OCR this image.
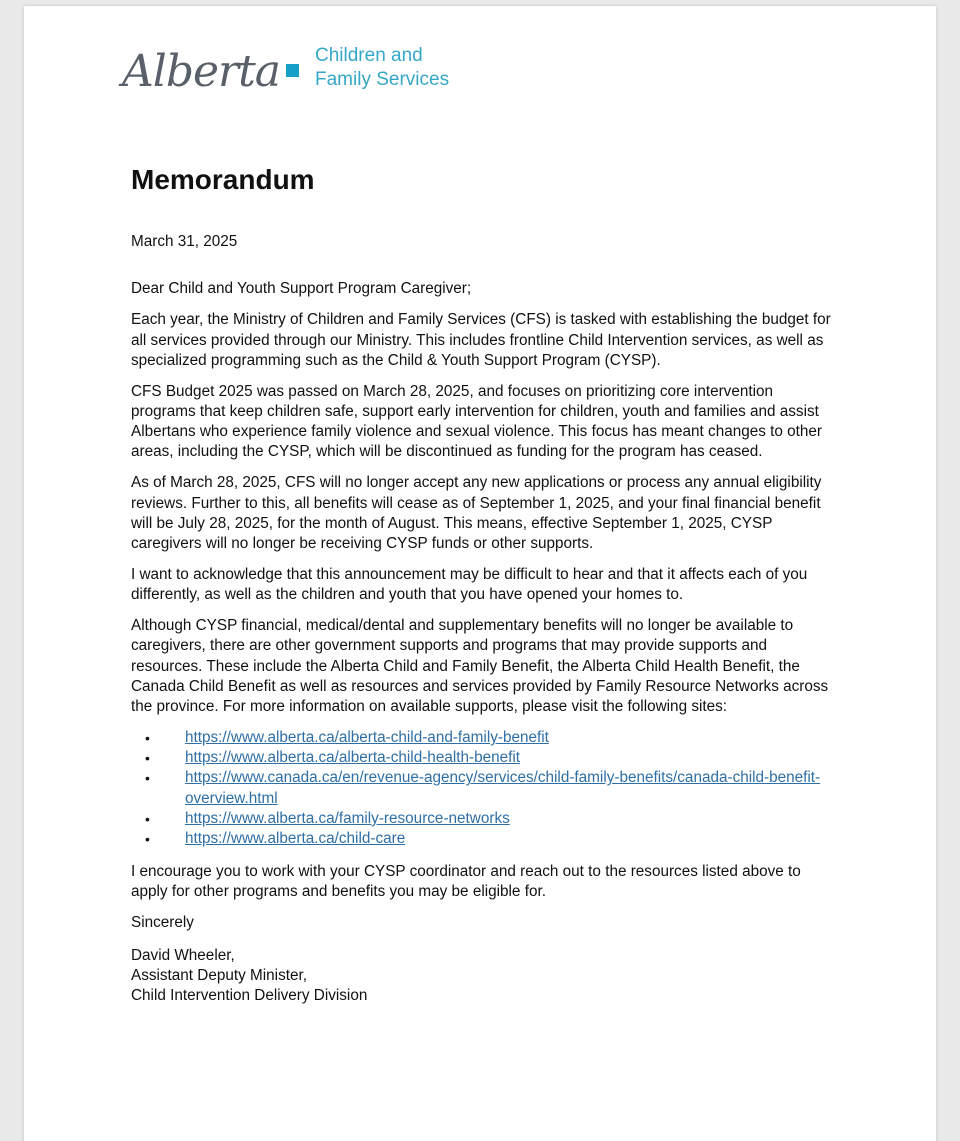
Alberta Children and
Family Services
Memorandum

March 31, 2025

Dear Child and Youth Support Program Caregiver;

Each year, the Ministry of Children and Family Services (CFS) is tasked with establishing the budget for all services provided through our Ministry. This includes frontline Child Intervention services, as well as specialized programming such as the Child & Youth Support Program (CYSP).

CFS Budget 2025 was passed on March 28, 2025, and focuses on prioritizing core intervention programs that keep children safe, support early intervention for children, youth and families and assist Albertans who experience family violence and sexual violence. This focus has meant changes to other areas, including the CYSP, which will be discontinued as funding for the program has ceased.

As of March 28, 2025, CFS will no longer accept any new applications or process any annual eligibility reviews. Further to this, all benefits will cease as of September 1, 2025, and your final financial benefit will be July 28, 2025, for the month of August. This means, effective September 1, 2025, CYSP caregivers will no longer be receiving CYSP funds or other supports.

I want to acknowledge that this announcement may be difficult to hear and that it affects each of you differently, as well as the children and youth that you have opened your homes to.

Although CYSP financial, medical/dental and supplementary benefits will no longer be available to caregivers, there are other government supports and programs that may provide supports and resources. These include the Alberta Child and Family Benefit, the Alberta Child Health Benefit, the Canada Child Benefit as well as resources and services provided by Family Resource Networks across the province. For more information on available supports, please visit the following sites:

• https://www.alberta.ca/alberta-child-and-family-benefit
• https://www.alberta.ca/alberta-child-health-benefit
• https://www.canada.ca/en/revenue-agency/services/child-family-benefits/canada-child-benefit-overview.html
• https://www.alberta.ca/family-resource-networks
• https://www.alberta.ca/child-care

I encourage you to work with your CYSP coordinator and reach out to the resources listed above to apply for other programs and benefits you may be eligible for.

Sincerely

David Wheeler,

Assistant Deputy Minister,

Child Intervention Delivery Division
